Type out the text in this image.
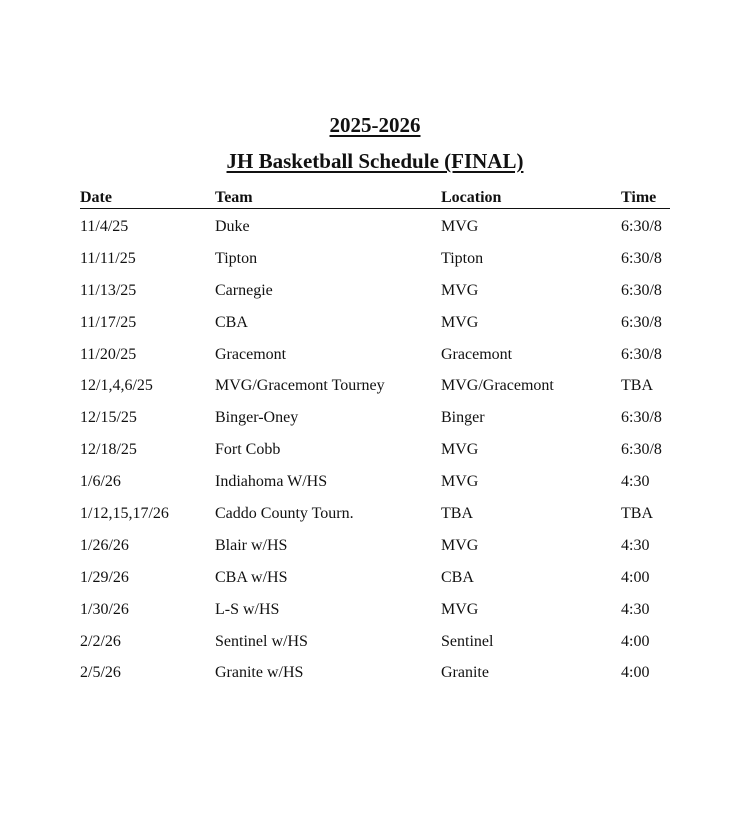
2025-2026
JH Basketball Schedule (FINAL)
Date	Team	Location	Time
11/4/25	Duke	MVG	6:30/8
11/11/25	Tipton	Tipton	6:30/8
11/13/25	Carnegie	MVG	6:30/8
11/17/25	CBA	MVG	6:30/8
11/20/25	Gracemont	Gracemont	6:30/8
12/1,4,6/25	MVG/Gracemont Tourney	MVG/Gracemont	TBA
12/15/25	Binger-Oney	Binger	6:30/8
12/18/25	Fort Cobb	MVG	6:30/8
1/6/26	Indiahoma W/HS	MVG	4:30
1/12,15,17/26	Caddo County Tourn.	TBA	TBA
1/26/26	Blair w/HS	MVG	4:30
1/29/26	CBA w/HS	CBA	4:00
1/30/26	L-S w/HS	MVG	4:30
2/2/26	Sentinel w/HS	Sentinel	4:00
2/5/26	Granite w/HS	Granite	4:00
